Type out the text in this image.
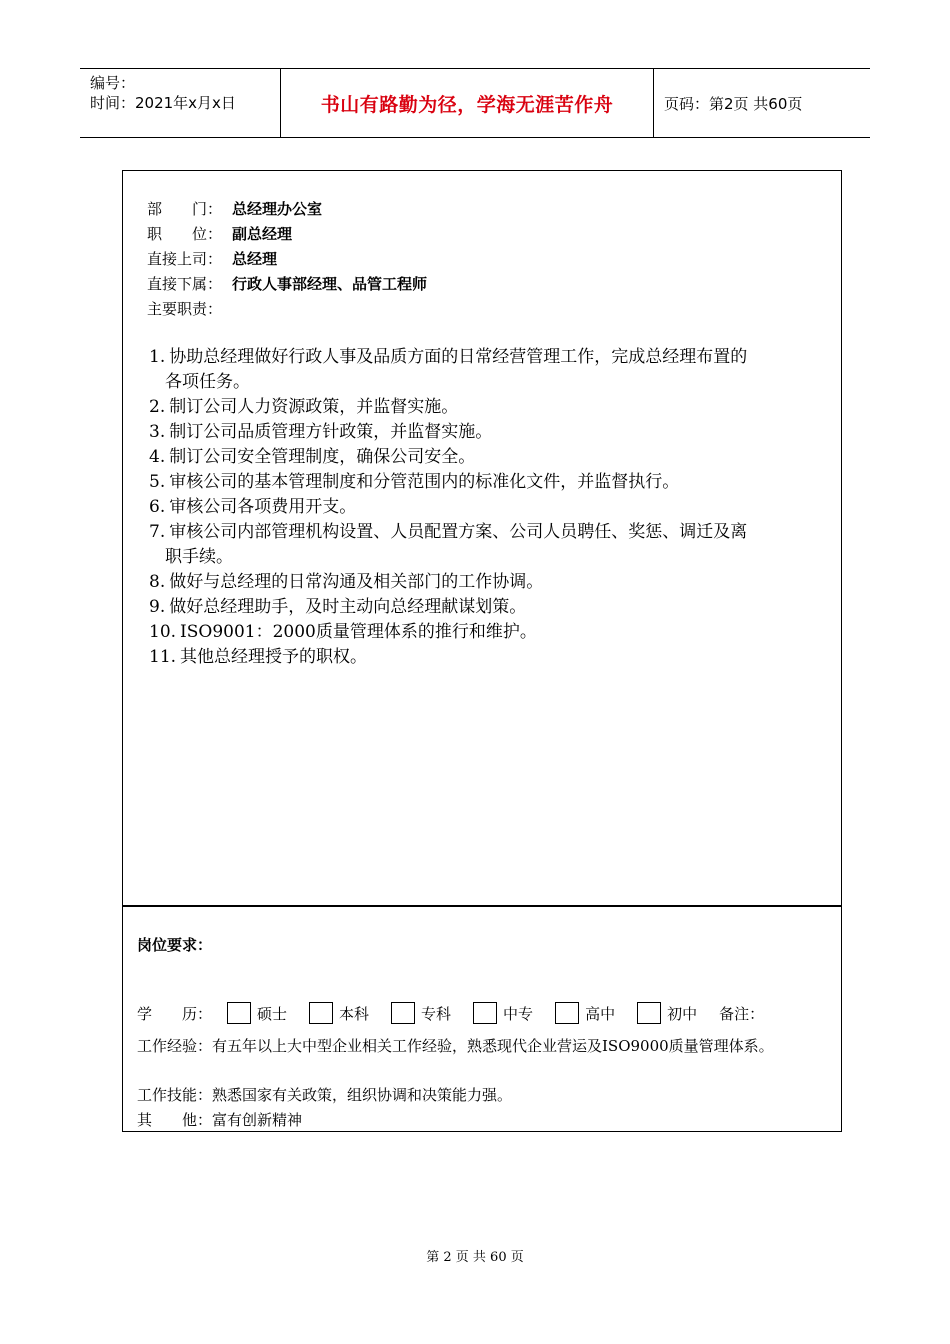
编号：
时间：2021年x月x日	书山有路勤为径，学海无涯苦作舟	页码：第2页 共60页
部　　门： 总经理办公室
职　　位： 副总经理
直接上司： 总经理
直接下属： 行政人事部经理、品管工程师
主要职责：
1. 协助总经理做好行政人事及品质方面的日常经营管理工作，完成总经理布置的
各项任务。
2. 制订公司人力资源政策，并监督实施。
3. 制订公司品质管理方针政策，并监督实施。
4. 制订公司安全管理制度，确保公司安全。
5. 审核公司的基本管理制度和分管范围内的标准化文件，并监督执行。
6. 审核公司各项费用开支。
7. 审核公司内部管理机构设置、人员配置方案、公司人员聘任、奖惩、调迁及离
职手续。
8. 做好与总经理的日常沟通及相关部门的工作协调。
9. 做好总经理助手，及时主动向总经理献谋划策。
10. ISO9001：2000质量管理体系的推行和维护。
11. 其他总经理授予的职权。
岗位要求：
学　　历：	硕士	本科	专科	中专	高中	初中 备注：
工作经验：有五年以上大中型企业相关工作经验，熟悉现代企业营运及ISO9000质量管理体系。
工作技能：熟悉国家有关政策，组织协调和决策能力强。
其　　他：富有创新精神
第 2 页 共 60 页
